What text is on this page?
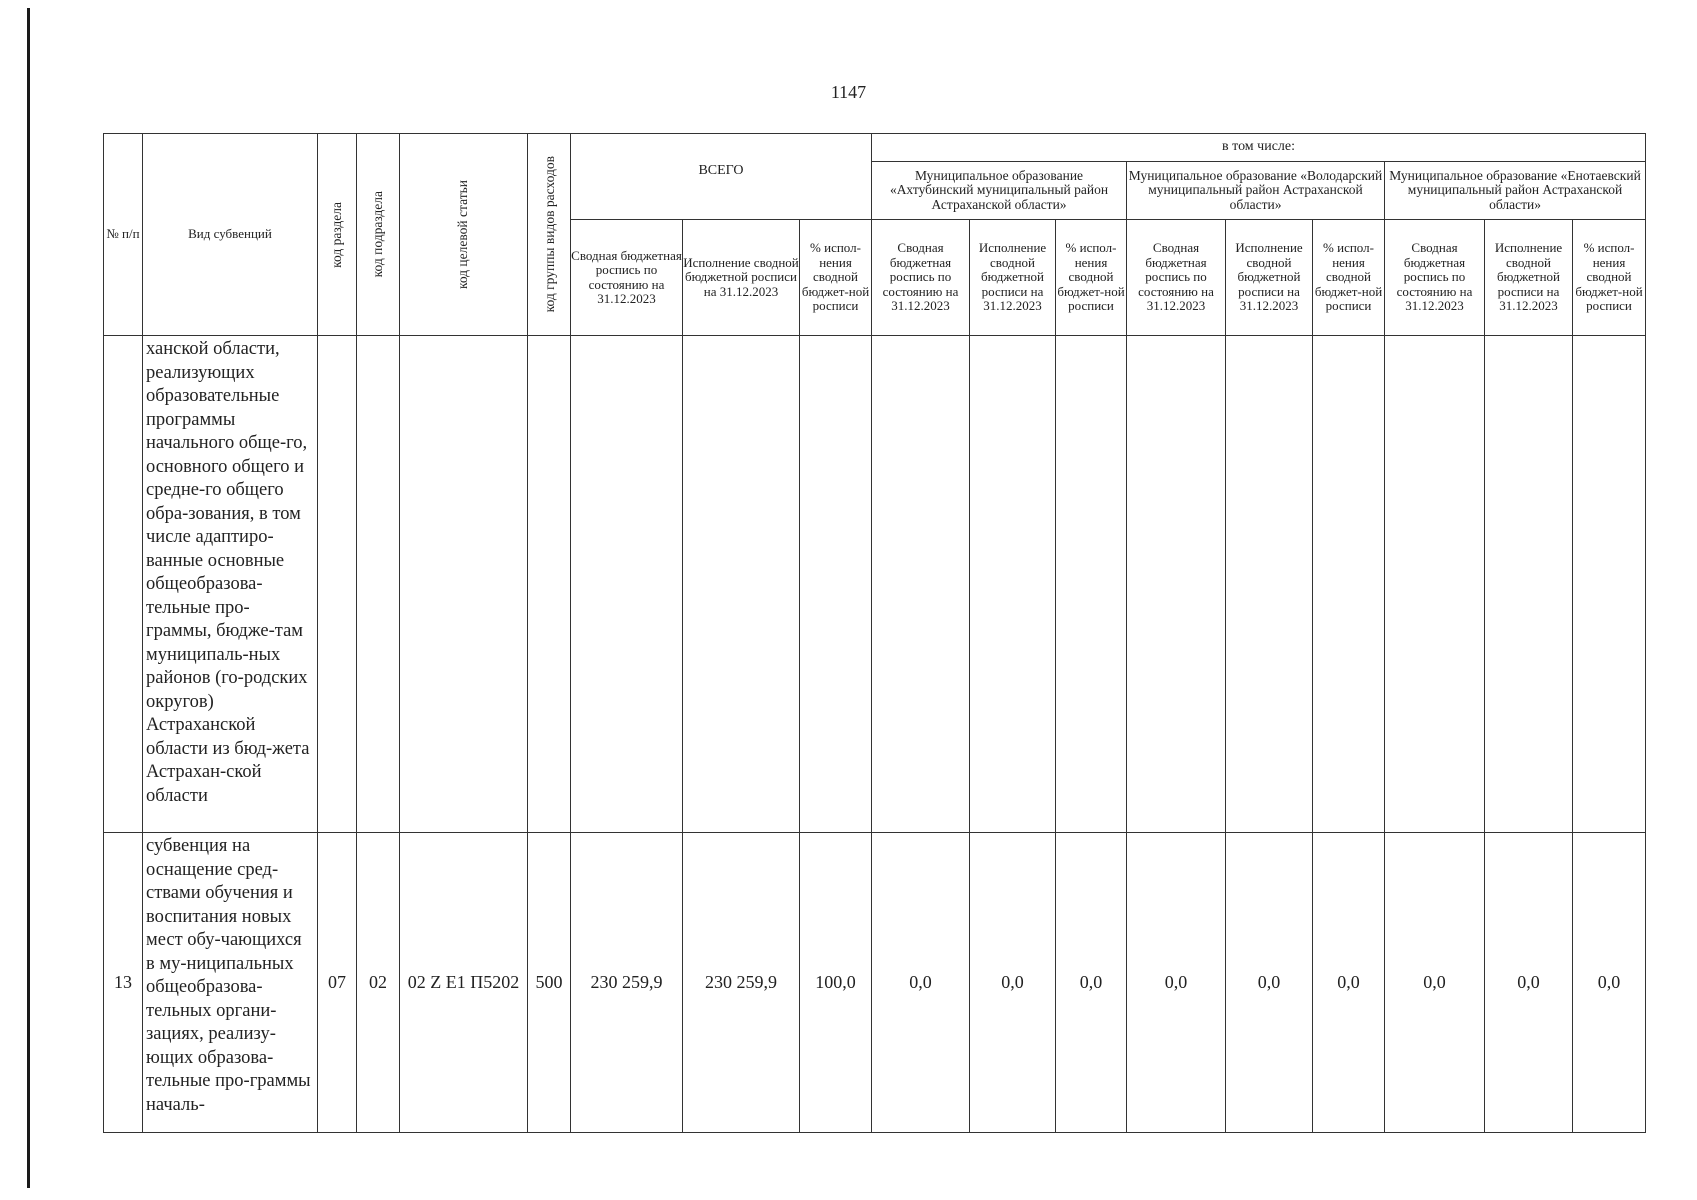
1147
№ п/п	Вид субвенций	код раздела	код подраздела	код целевой статьи	код группы видов расходов	ВСЕГО			в том числе:								
									Муниципальное образование «Ахтубинский муниципальный район Астраханской области»			Муниципальное образование «Володарский муниципальный район Астраханской области»			Муниципальное образование «Енотаевский муниципальный район Астраханской области»		
						Сводная бюджетная роспись по состоянию на 31.12.2023	Исполнение сводной бюджетной росписи на 31.12.2023	% испол-нения сводной бюджет-ной росписи	Сводная бюджетная роспись по состоянию на 31.12.2023	Исполнение сводной бюджетной росписи на 31.12.2023	% испол-нения сводной бюджет-ной росписи	Сводная бюджетная роспись по состоянию на 31.12.2023	Исполнение сводной бюджетной росписи на 31.12.2023	% испол-нения сводной бюджет-ной росписи	Сводная бюджетная роспись по состоянию на 31.12.2023	Исполнение сводной бюджетной росписи на 31.12.2023	% испол-нения сводной бюджет-ной росписи

	ханской области, реализующих образовательные программы начального обще-го, основного общего и средне-го общего обра-зования, в том числе адаптиро-ванные основные общеобразова-тельные про-граммы, бюдже-там муниципаль-ных районов (го-родских округов) Астраханской области из бюд-жета Астрахан-ской области																

13	субвенция на оснащение сред-ствами обучения и воспитания новых мест обу-чающихся в му-ниципальных общеобразова-тельных органи-зациях, реализу-ющих образова-тельные про-граммы началь-	07	02	02 Z E1 П5202	500	230 259,9	230 259,9	100,0	0,0	0,0	0,0	0,0	0,0	0,0	0,0	0,0	0,0
